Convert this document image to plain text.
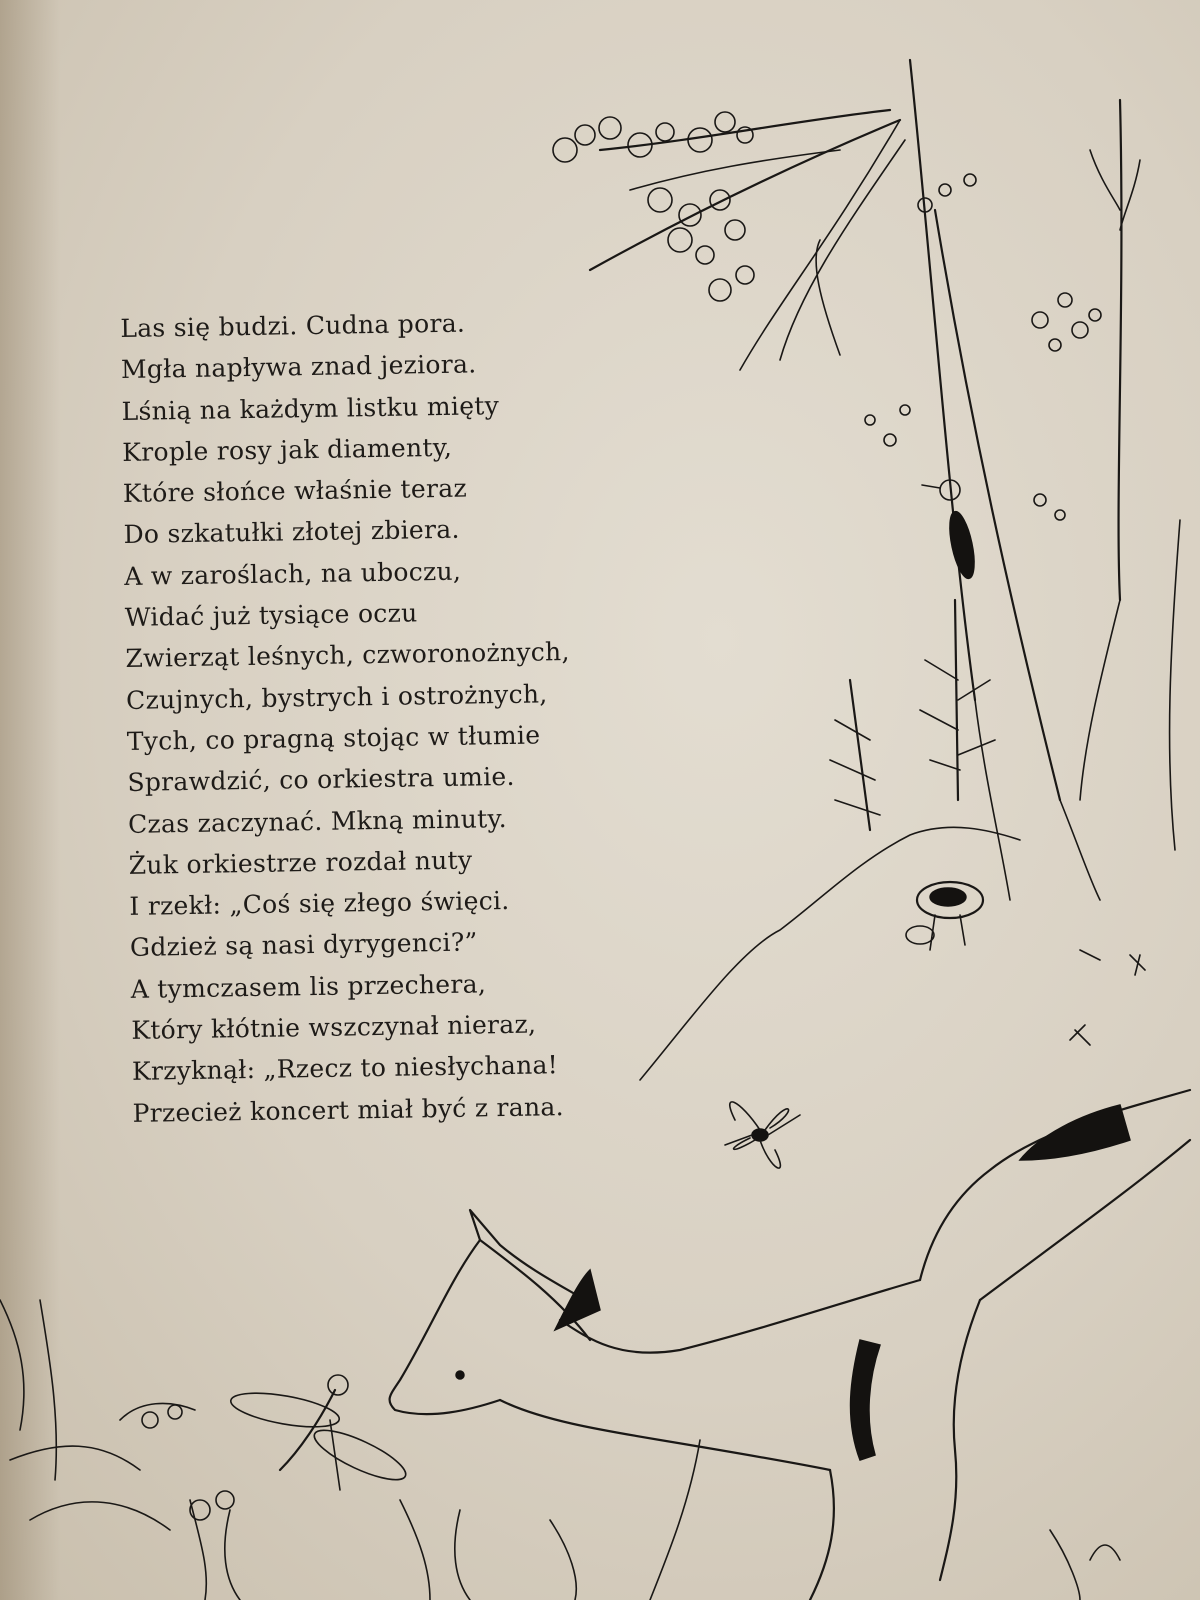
Las się budzi. Cudna pora.
Mgła napływa znad jeziora.
Lśnią na każdym listku mięty
Krople rosy jak diamenty,
Które słońce właśnie teraz
Do szkatułki złotej zbiera.
A w zaroślach, na uboczu,
Widać już tysiące oczu
Zwierząt leśnych, czworonożnych,
Czujnych, bystrych i ostrożnych,
Tych, co pragną stojąc w tłumie
Sprawdzić, co orkiestra umie.
Czas zaczynać. Mkną minuty.
Żuk orkiestrze rozdał nuty
I rzekł: „Coś się złego święci.
Gdzież są nasi dyrygenci?”
A tymczasem lis przechera,
Który kłótnie wszczynał nieraz,
Krzyknął: „Rzecz to niesłychana!
Przecież koncert miał być z rana.
